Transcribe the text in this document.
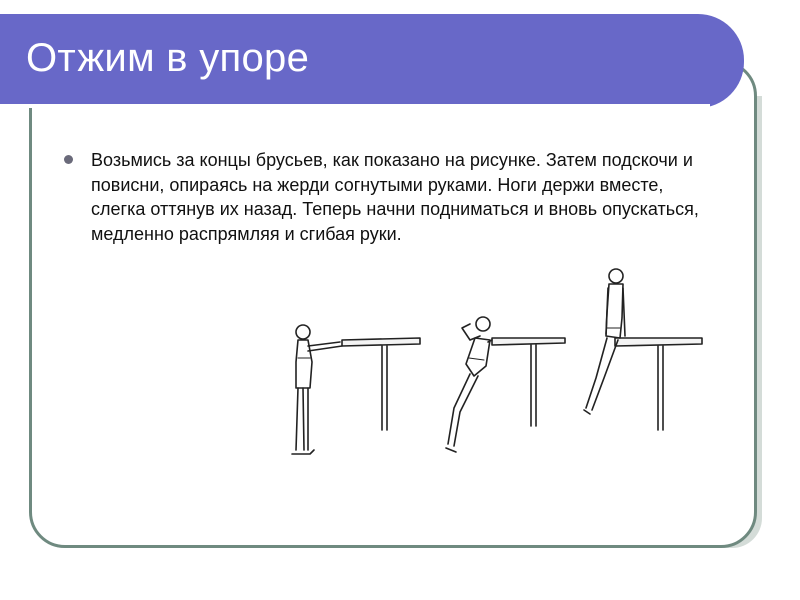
Отжим в упоре

Возьмись за концы брусьев, как показано на рисунке. Затем подскочи и повисни, опираясь на жерди согнутыми руками. Ноги держи вместе, слегка оттянув их назад. Теперь начни подниматься и вновь опускаться, медленно распрямляя и сгибая руки.
